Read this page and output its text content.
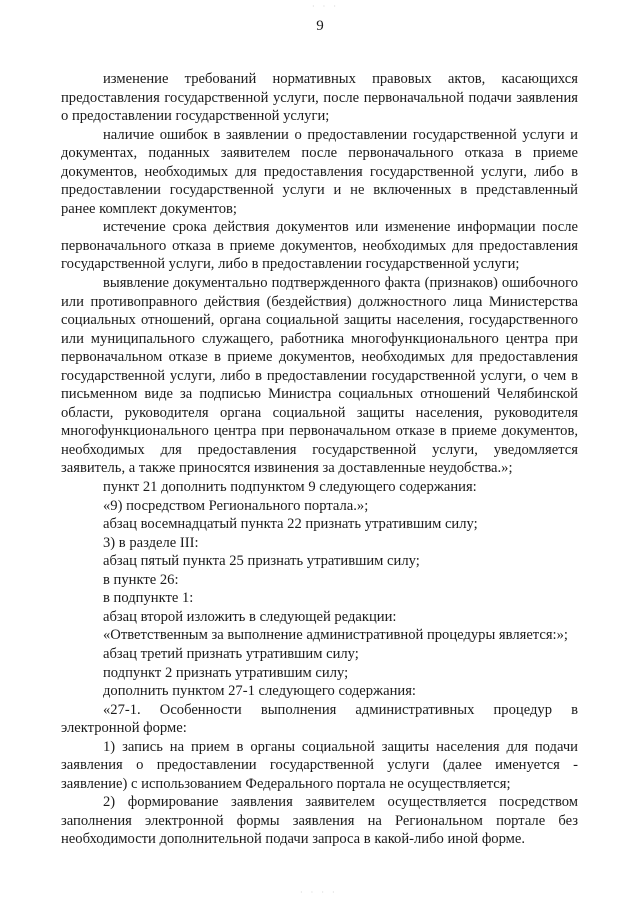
· · ·
9

изменение требований нормативных правовых актов, касающихся предоставления государственной услуги, после первоначальной подачи заявления о предоставлении государственной услуги;

наличие ошибок в заявлении о предоставлении государственной услуги и документах, поданных заявителем после первоначального отказа в приеме документов, необходимых для предоставления государственной услуги, либо в предоставлении государственной услуги и не включенных в представленный ранее комплект документов;

истечение срока действия документов или изменение информации после первоначального отказа в приеме документов, необходимых для предоставления государственной услуги, либо в предоставлении государственной услуги;

выявление документально подтвержденного факта (признаков) ошибочного или противоправного действия (бездействия) должностного лица Министерства социальных отношений, органа социальной защиты населения, государственного или муниципального служащего, работника многофункционального центра при первоначальном отказе в приеме документов, необходимых для предоставления государственной услуги, либо в предоставлении государственной услуги, о чем в письменном виде за подписью Министра социальных отношений Челябинской области, руководителя органа социальной защиты населения, руководителя многофункционального центра при первоначальном отказе в приеме документов, необходимых для предоставления государственной услуги, уведомляется заявитель, а также приносятся извинения за доставленные неудобства.»;

пункт 21 дополнить подпунктом 9 следующего содержания:

«9) посредством Регионального портала.»;

абзац восемнадцатый пункта 22 признать утратившим силу;

3) в разделе III:

абзац пятый пункта 25 признать утратившим силу;

в пункте 26:

в подпункте 1:

абзац второй изложить в следующей редакции:

«Ответственным за выполнение административной процедуры является:»;

абзац третий признать утратившим силу;

подпункт 2 признать утратившим силу;

дополнить пунктом 27-1 следующего содержания:

«27-1. Особенности выполнения административных процедур в электронной форме:

1) запись на прием в органы социальной защиты населения для подачи заявления о предоставлении государственной услуги (далее именуется - заявление) с использованием Федерального портала не осуществляется;

2) формирование заявления заявителем осуществляется посредством заполнения электронной формы заявления на Региональном портале без необходимости дополнительной подачи запроса в какой-либо иной форме.

· · · ·
